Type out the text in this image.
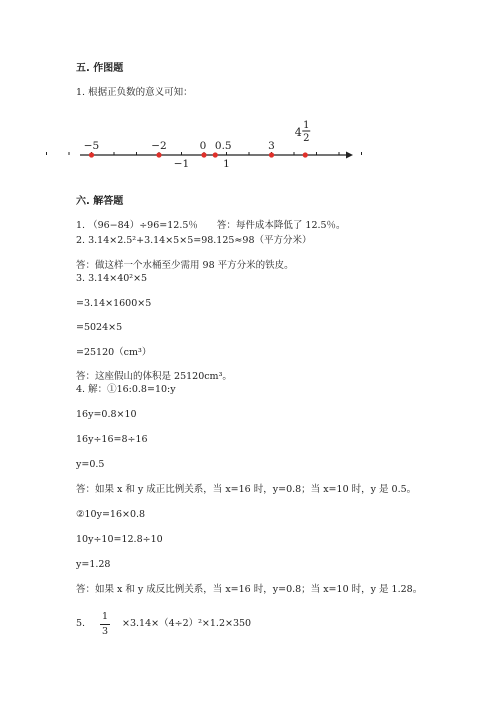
五. 作图题
1. 根据正负数的意义可知：
−5	−2	0 0.5	3
−1	1
4
1
2
六. 解答题
1. （96−84）÷96=12.5％　　答：每件成本降低了 12.5％。
2. 3.14×2.5²+3.14×5×5=98.125≈98（平方分米）
答：做这样一个水桶至少需用 98 平方分米的铁皮。
3. 3.14×40²×5
=3.14×1600×5
=5024×5
=25120（cm³）
答：这座假山的体积是 25120cm³。
4. 解：①16:0.8=10:y
16y=0.8×10
16y÷16=8÷16
y=0.5
答：如果 x 和 y 成正比例关系，当 x=16 时，y=0.8；当 x=10 时，y 是 0.5。
②10y=16×0.8
10y÷10=12.8÷10
y=1.28
答：如果 x 和 y 成反比例关系，当 x=16 时，y=0.8；当 x=10 时，y 是 1.28。
5.
1
3
×3.14×（4÷2）²×1.2×350
